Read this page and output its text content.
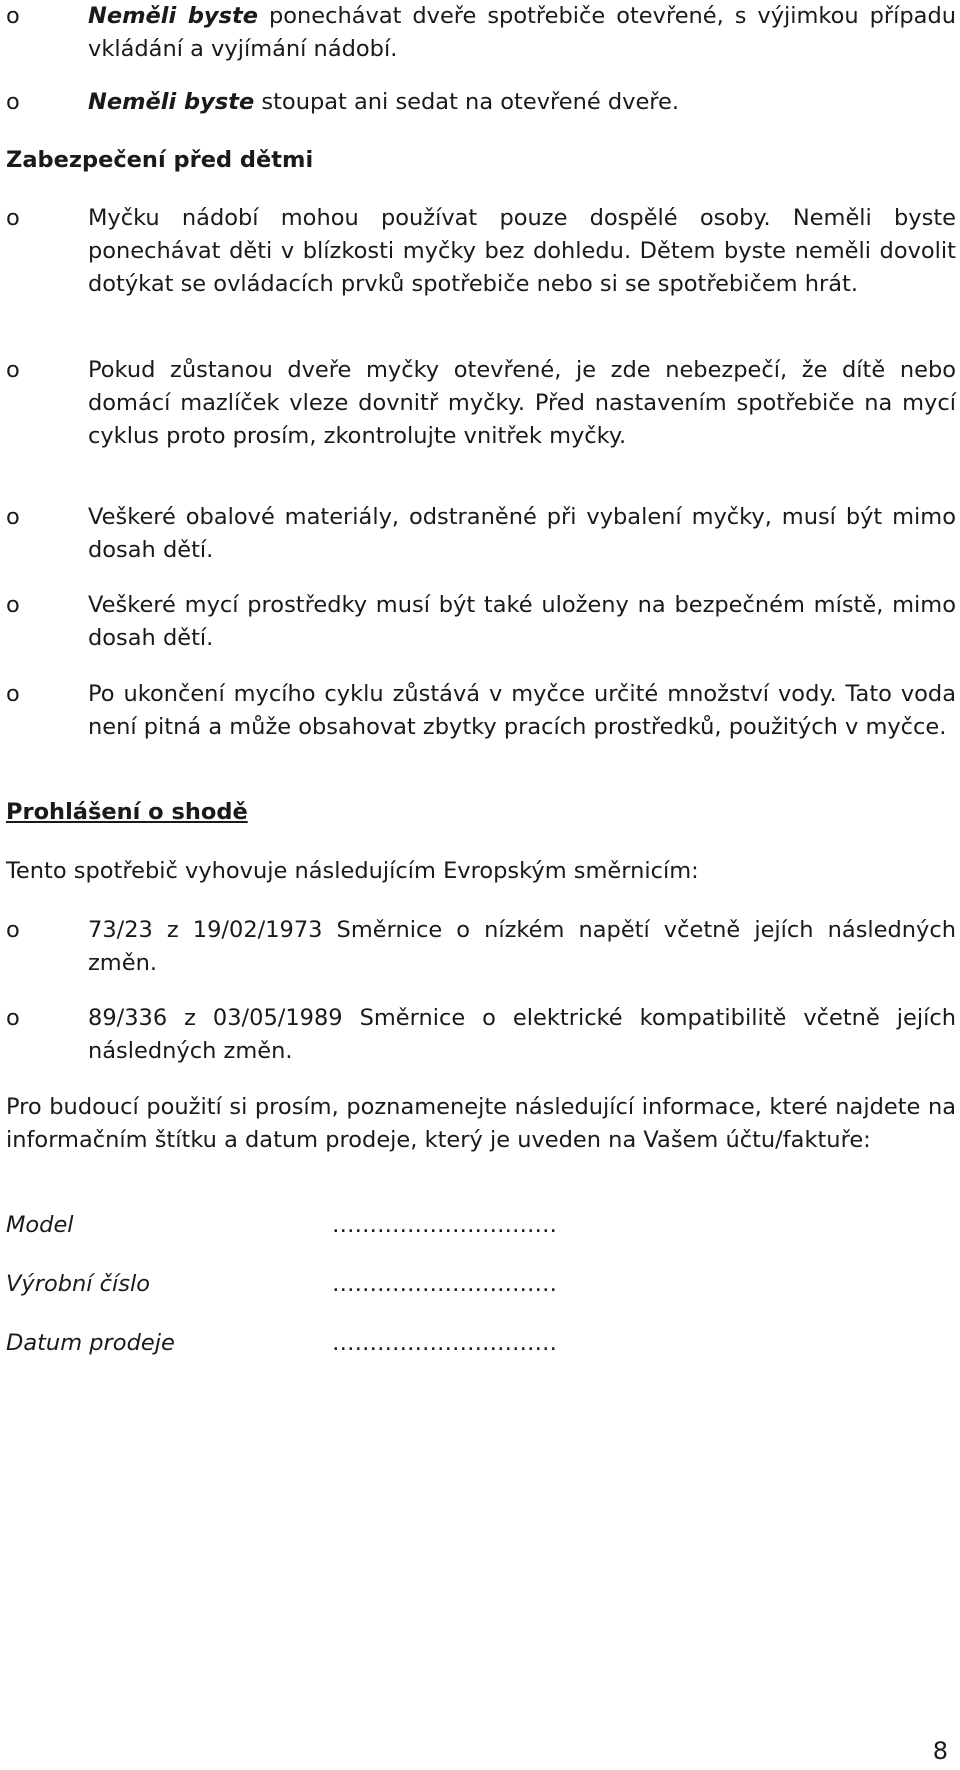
o	Neměli byste ponechávat dveře spotřebiče otevřené, s výjimkou případu vkládání a vyjímání nádobí.
o	Neměli byste stoupat ani sedat na otevřené dveře.
Zabezpečení před dětmi
o	Myčku nádobí mohou používat pouze dospělé osoby. Neměli byste ponechávat děti v blízkosti myčky bez dohledu. Dětem byste neměli dovolit dotýkat se ovládacích prvků spotřebiče nebo si se spotřebičem hrát.
o	Pokud zůstanou dveře myčky otevřené, je zde nebezpečí, že dítě nebo domácí mazlíček vleze dovnitř myčky. Před nastavením spotřebiče na mycí cyklus proto prosím, zkontrolujte vnitřek myčky.
o	Veškeré obalové materiály, odstraněné při vybalení myčky, musí být mimo dosah dětí.
o	Veškeré mycí prostředky musí být také uloženy na bezpečném místě, mimo dosah dětí.
o	Po ukončení mycího cyklu zůstává v myčce určité množství vody. Tato voda není pitná a může obsahovat zbytky pracích prostředků, použitých v myčce.
Prohlášení o shodě
Tento spotřebič vyhovuje následujícím Evropským směrnicím:
o	73/23 z 19/02/1973 Směrnice o nízkém napětí včetně jejích následných změn.
o	89/336 z 03/05/1989 Směrnice o elektrické kompatibilitě včetně jejích následných změn.
Pro budoucí použití si prosím, poznamenejte následující informace, které najdete na informačním štítku a datum prodeje, který je uveden na Vašem účtu/faktuře:
Model	…………………………
Výrobní číslo	…………………………
Datum prodeje	…………………………
8
